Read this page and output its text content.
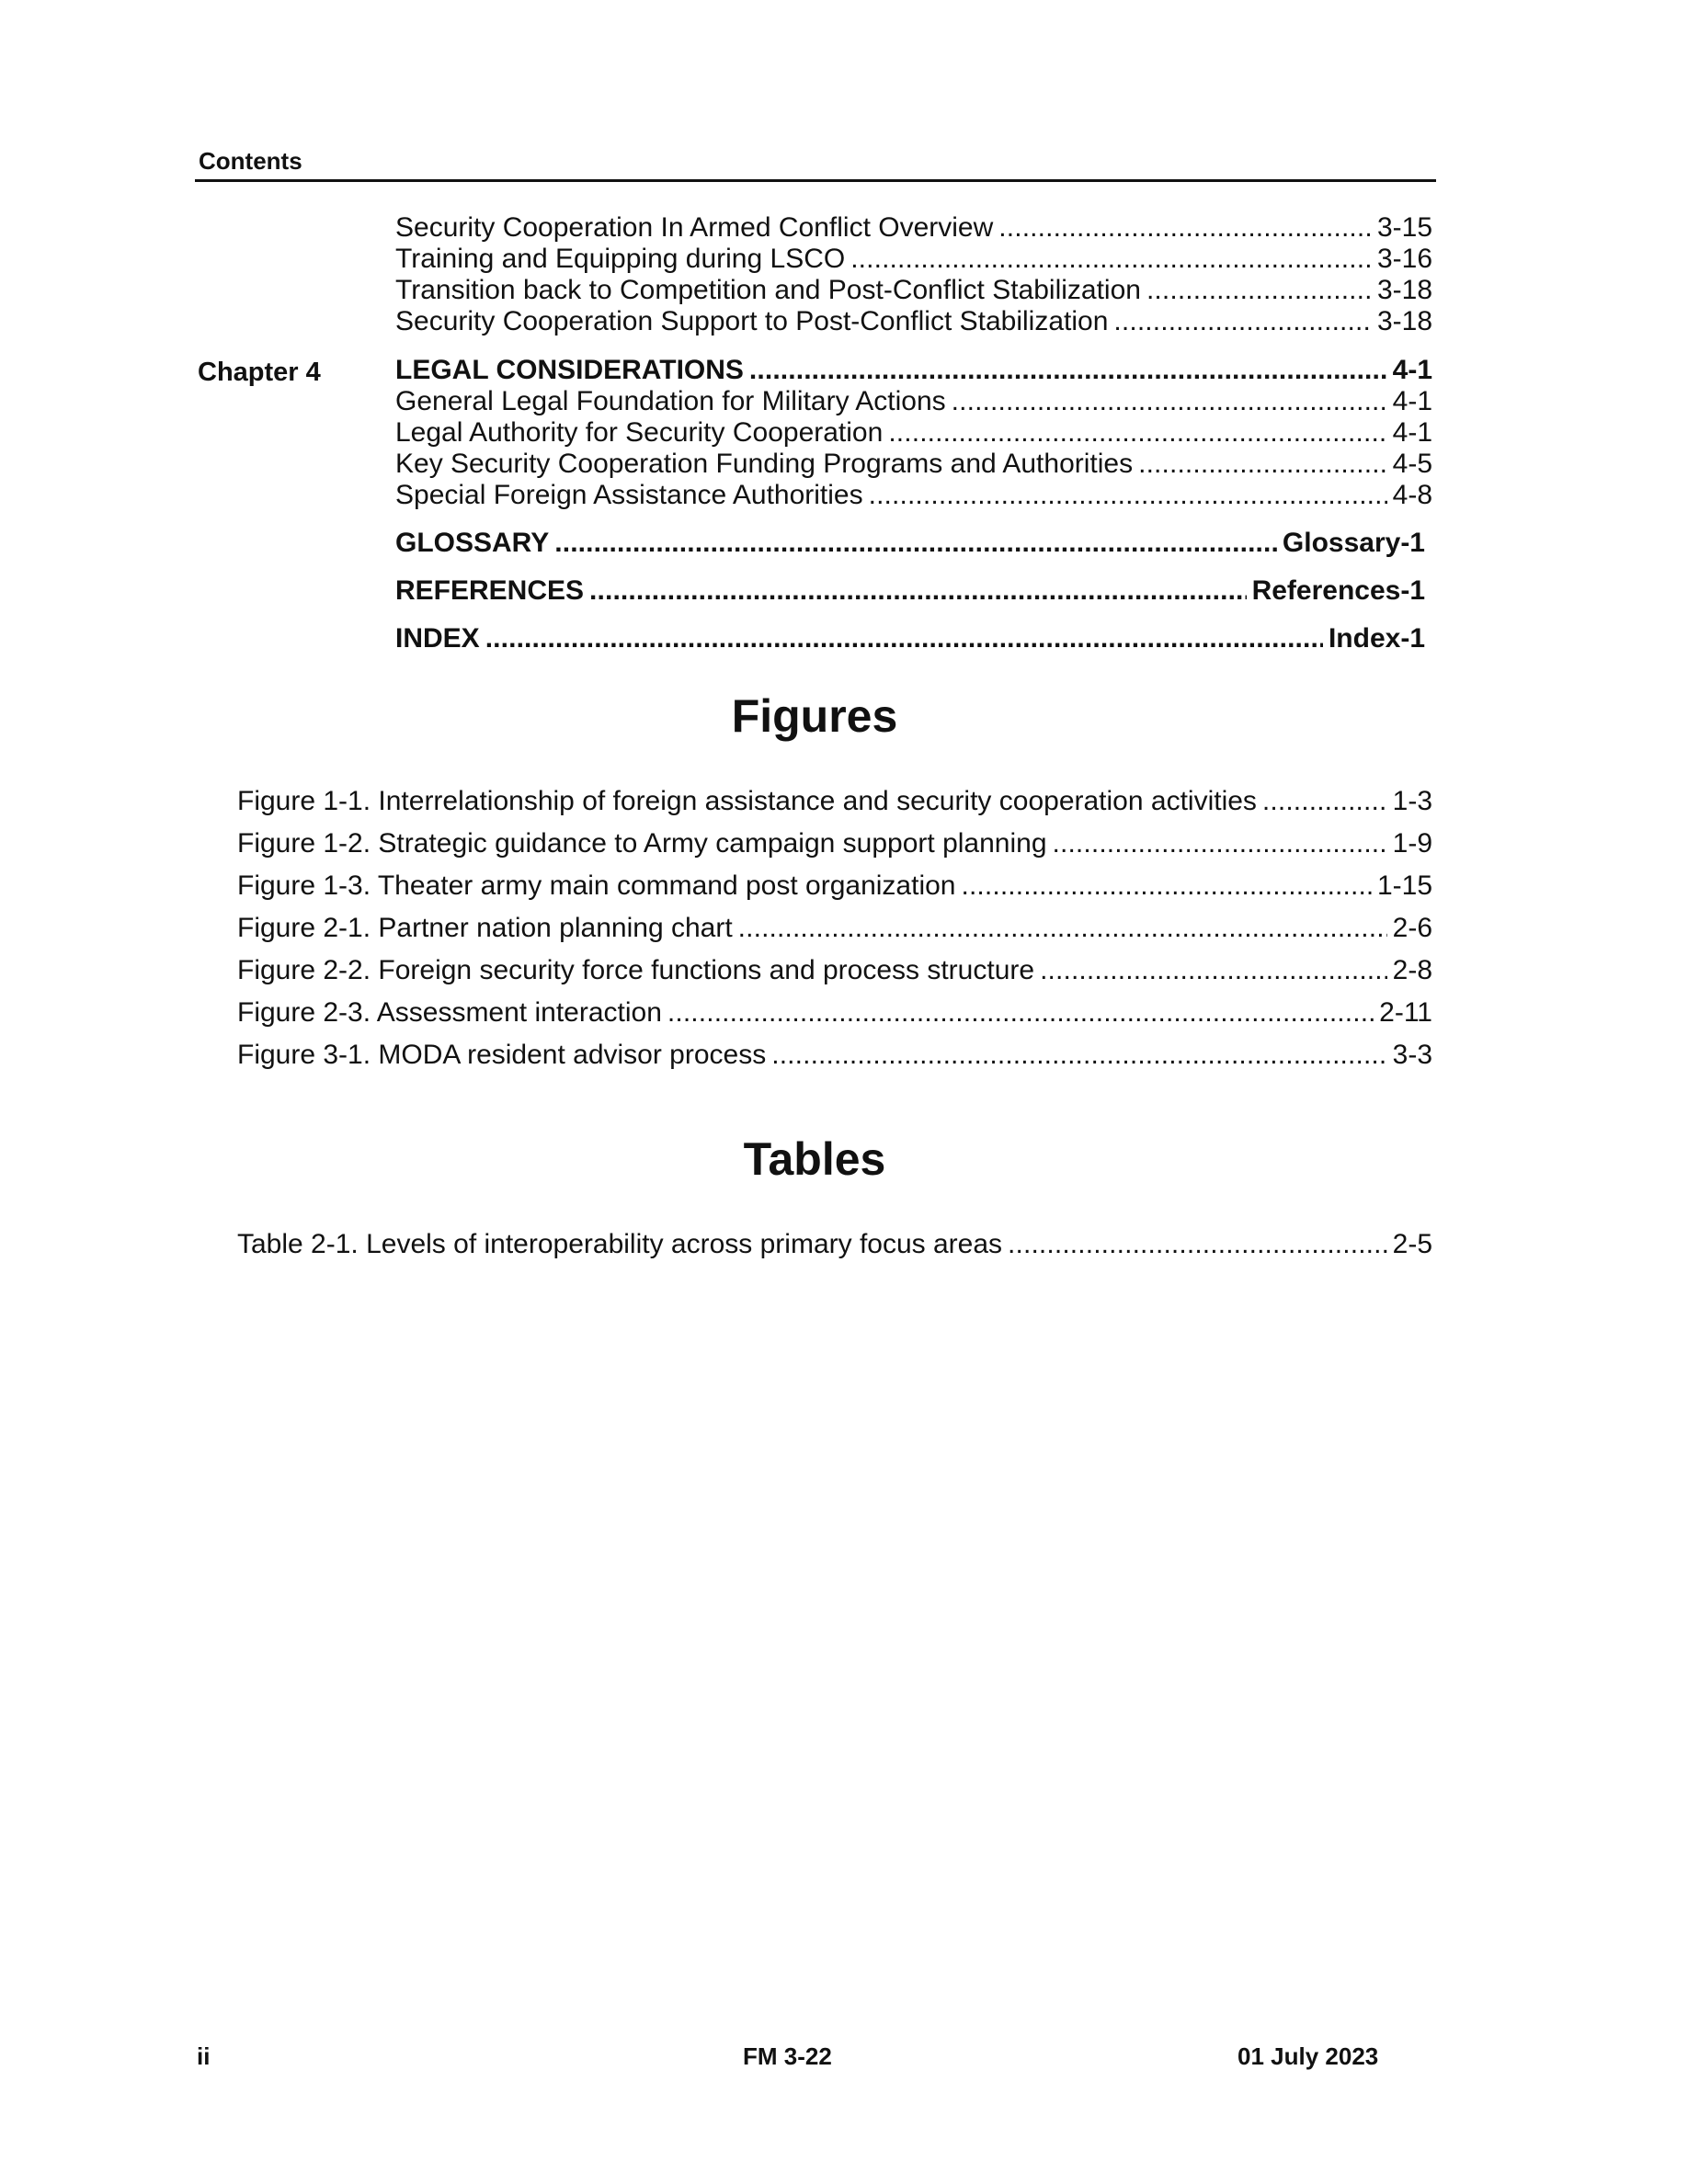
Contents
Security Cooperation In Armed Conflict Overview . . .	3-15
Training and Equipping during LSCO . . .	3-16
Transition back to Competition and Post-Conflict Stabilization . . .	3-18
Security Cooperation Support to Post-Conflict Stabilization . . .	3-18
Chapter 4	LEGAL CONSIDERATIONS . . .	4-1
General Legal Foundation for Military Actions . . .	4-1
Legal Authority for Security Cooperation . . .	4-1
Key Security Cooperation Funding Programs and Authorities . . .	4-5
Special Foreign Assistance Authorities . . .	4-8
GLOSSARY . . .	Glossary-1
REFERENCES . . .	References-1
INDEX . . .	Index-1
Figures
Figure 1-1. Interrelationship of foreign assistance and security cooperation activities . . .	1-3
Figure 1-2. Strategic guidance to Army campaign support planning . . .	1-9
Figure 1-3. Theater army main command post organization . . .	1-15
Figure 2-1. Partner nation planning chart . . .	2-6
Figure 2-2. Foreign security force functions and process structure . . .	2-8
Figure 2-3. Assessment interaction . . .	2-11
Figure 3-1. MODA resident advisor process . . .	3-3
Tables
Table 2-1. Levels of interoperability across primary focus areas . . .	2-5
ii	FM 3-22	01 July 2023
